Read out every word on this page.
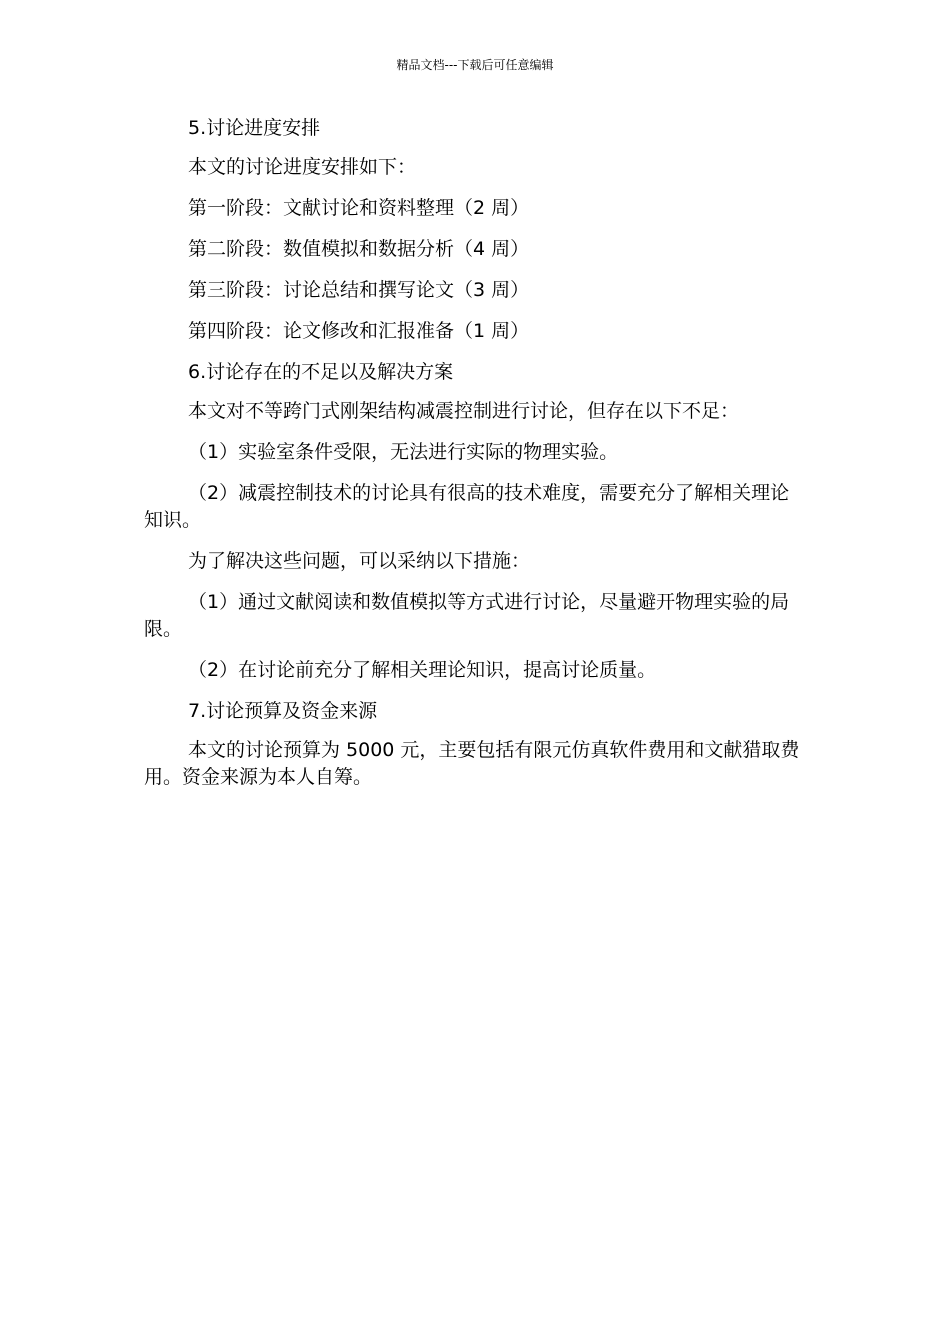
精品文档---下载后可任意编辑

5.讨论进度安排

本文的讨论进度安排如下：

第一阶段：文献讨论和资料整理（2 周）

第二阶段：数值模拟和数据分析（4 周）

第三阶段：讨论总结和撰写论文（3 周）

第四阶段：论文修改和汇报准备（1 周）

6.讨论存在的不足以及解决方案

本文对不等跨门式刚架结构减震控制进行讨论，但存在以下不足：

（1）实验室条件受限，无法进行实际的物理实验。

（2）减震控制技术的讨论具有很高的技术难度，需要充分了解相关理论知识。

为了解决这些问题，可以采纳以下措施：

（1）通过文献阅读和数值模拟等方式进行讨论，尽量避开物理实验的局限。

（2）在讨论前充分了解相关理论知识，提高讨论质量。

7.讨论预算及资金来源

本文的讨论预算为 5000 元，主要包括有限元仿真软件费用和文献猎取费用。资金来源为本人自筹。
